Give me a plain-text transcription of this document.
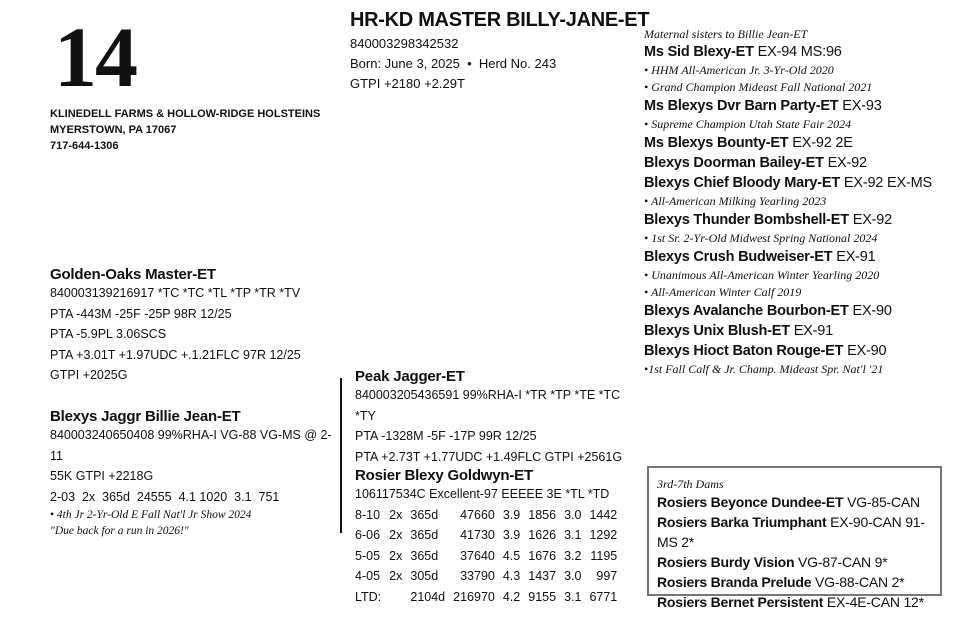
14
KLINEDELL FARMS & HOLLOW-RIDGE HOLSTEINS
MYERSTOWN, PA 17067
717-644-1306
HR-KD MASTER BILLY-JANE-ET
840003298342532
Born: June 3, 2025  •  Herd No. 243
GTPI +2180 +2.29T
Golden-Oaks Master-ET
840003139216917 *TC *TC *TL *TP *TR *TV
PTA -443M -25F -25P 98R 12/25
PTA -5.9PL 3.06SCS
PTA +3.01T +1.97UDC +.1.21FLC 97R 12/25
GTPI +2025G
Blexys Jaggr Billie Jean-ET
840003240650408 99%RHA-I VG-88 VG-MS @ 2-11
55K GTPI +2218G
2-03  2x  365d  24555  4.1 1020  3.1  751
• 4th Jr 2-Yr-Old E Fall Nat'l Jr Show 2024
"Due back for a run in 2026!"
Peak Jagger-ET
840003205436591 99%RHA-I *TR *TP *TE *TC *TY
PTA -1328M -5F -17P 99R 12/25
PTA +2.73T +1.77UDC +1.49FLC GTPI +2561G
Rosier Blexy Goldwyn-ET
106117534C Excellent-97 EEEEE 3E *TL *TD
8-10	2x	365d	47660	3.9	1856	3.0	1442
6-06	2x	365d	41730	3.9	1626	3.1	1292
5-05	2x	365d	37640	4.5	1676	3.2	1195
4-05	2x	305d	33790	4.3	1437	3.0	997
LTD:		2104d	216970	4.2	9155	3.1	6771
Maternal sisters to Billie Jean-ET
Ms Sid Blexy-ET EX-94 MS:96
• HHM All-American Jr. 3-Yr-Old 2020
• Grand Champion Mideast Fall National 2021
Ms Blexys Dvr Barn Party-ET EX-93
• Supreme Champion Utah State Fair 2024
Ms Blexys Bounty-ET EX-92 2E
Blexys Doorman Bailey-ET EX-92
Blexys Chief Bloody Mary-ET EX-92 EX-MS
• All-American Milking Yearling 2023
Blexys Thunder Bombshell-ET EX-92
• 1st Sr. 2-Yr-Old Midwest Spring National 2024
Blexys Crush Budweiser-ET EX-91
• Unanimous All-American Winter Yearling 2020
• All-American Winter Calf 2019
Blexys Avalanche Bourbon-ET EX-90
Blexys Unix Blush-ET EX-91
Blexys Hioct Baton Rouge-ET EX-90
•1st Fall Calf & Jr. Champ. Mideast Spr. Nat'l '21
3rd-7th Dams
Rosiers Beyonce Dundee-ET VG-85-CAN
Rosiers Barka Triumphant EX-90-CAN 91-MS 2*
Rosiers Burdy Vision VG-87-CAN 9*
Rosiers Branda Prelude VG-88-CAN 2*
Rosiers Bernet Persistent EX-4E-CAN 12*
